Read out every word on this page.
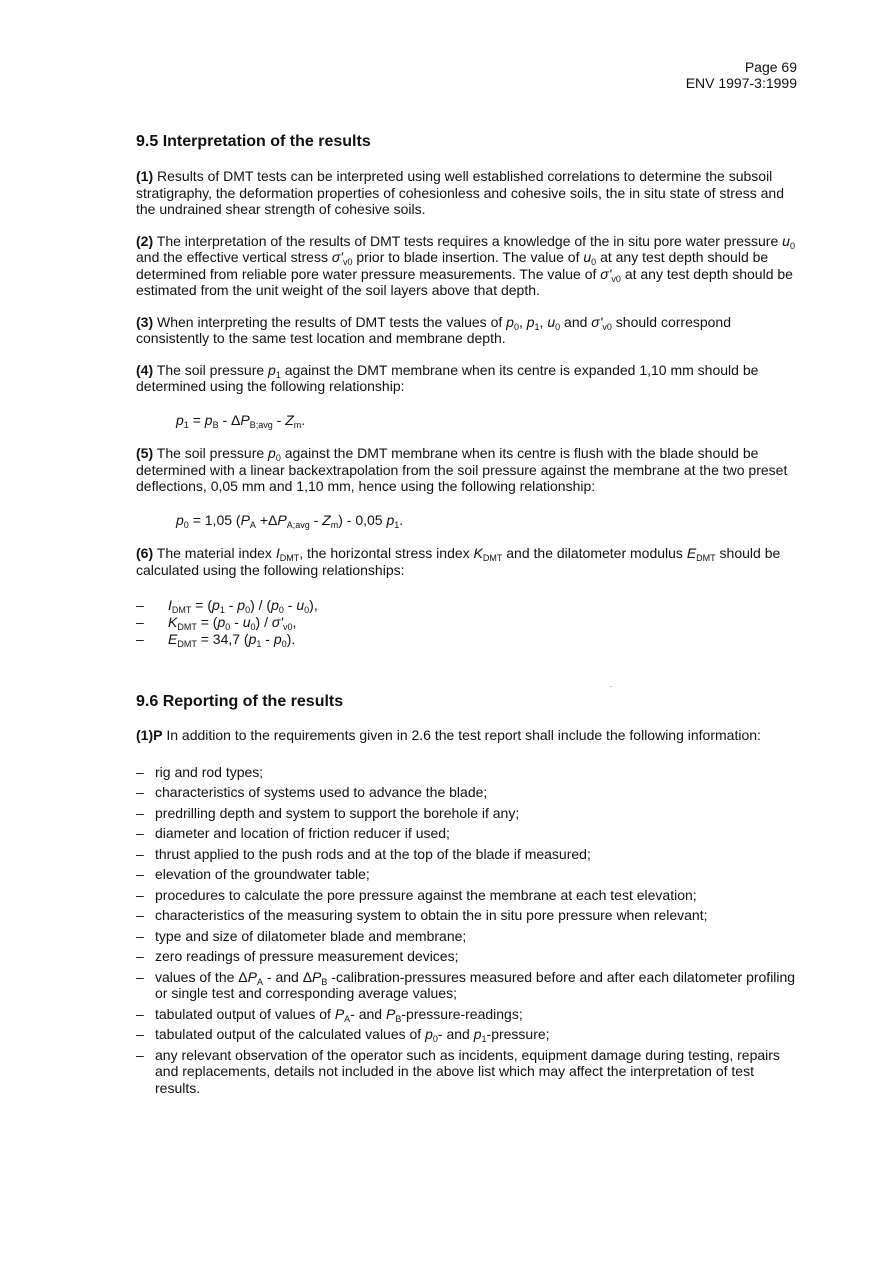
Page 69
ENV 1997-3:1999
9.5 Interpretation of the results

(1) Results of DMT tests can be interpreted using well established correlations to determine the subsoil stratigraphy, the deformation properties of cohesionless and cohesive soils, the in situ state of stress and the undrained shear strength of cohesive soils.

(2) The interpretation of the results of DMT tests requires a knowledge of the in situ pore water pressure $u_0$ and the effective vertical stress $\sigma'_{v0}$ prior to blade insertion. The value of $u_0$ at any test depth should be determined from reliable pore water pressure measurements. The value of $\sigma'_{v0}$ at any test depth should be estimated from the unit weight of the soil layers above that depth.

(3) When interpreting the results of DMT tests the values of $p_0$, $p_1$, $u_0$ and $\sigma'_{v0}$ should correspond consistently to the same test location and membrane depth.

(4) The soil pressure $p_1$ against the DMT membrane when its centre is expanded 1,10 mm should be determined using the following relationship:

$p_1 = p_B - \Delta P_{B;avg} - Z_m$.

(5) The soil pressure $p_0$ against the DMT membrane when its centre is flush with the blade should be determined with a linear backextrapolation from the soil pressure against the membrane at the two preset deflections, 0,05 mm and 1,10 mm, hence using the following relationship:

$p_0 = 1,05$ $(P_A +\Delta P_{A;avg} - Z_m) - 0,05$ $p_1$.

(6) The material index $I_{DMT}$, the horizontal stress index $K_{DMT}$ and the dilatometer modulus $E_{DMT}$ should be calculated using the following relationships:

–	$I_{DMT} = (p_1 - p_0) / (p_0 - u_0)$,
–	$K_{DMT} = (p_0 - u_0) / \sigma'_{v0}$,
–	$E_{DMT} = 34,7$ $(p_1 - p_0)$.
9.6 Reporting of the results

(1)P In addition to the requirements given in 2.6 the test report shall include the following information:

– rig and rod types;
– characteristics of systems used to advance the blade;
– predrilling depth and system to support the borehole if any;
– diameter and location of friction reducer if used;
– thrust applied to the push rods and at the top of the blade if measured;
– elevation of the groundwater table;
– procedures to calculate the pore pressure against the membrane at each test elevation;
– characteristics of the measuring system to obtain the in situ pore pressure when relevant;
– type and size of dilatometer blade and membrane;
– zero readings of pressure measurement devices;
– values of the $\Delta P_A$ - and $\Delta P_B$ -calibration-pressures measured before and after each dilatometer profiling or single test and corresponding average values;
– tabulated output of values of $P_A-$ and $P_B-pressure$-readings;
– tabulated output of the calculated values of $p_0-$ and $p_1$-pressure;
– any relevant observation of the operator such as incidents, equipment damage during testing, repairs and replacements, details not included in the above list which may affect the interpretation of test results.
